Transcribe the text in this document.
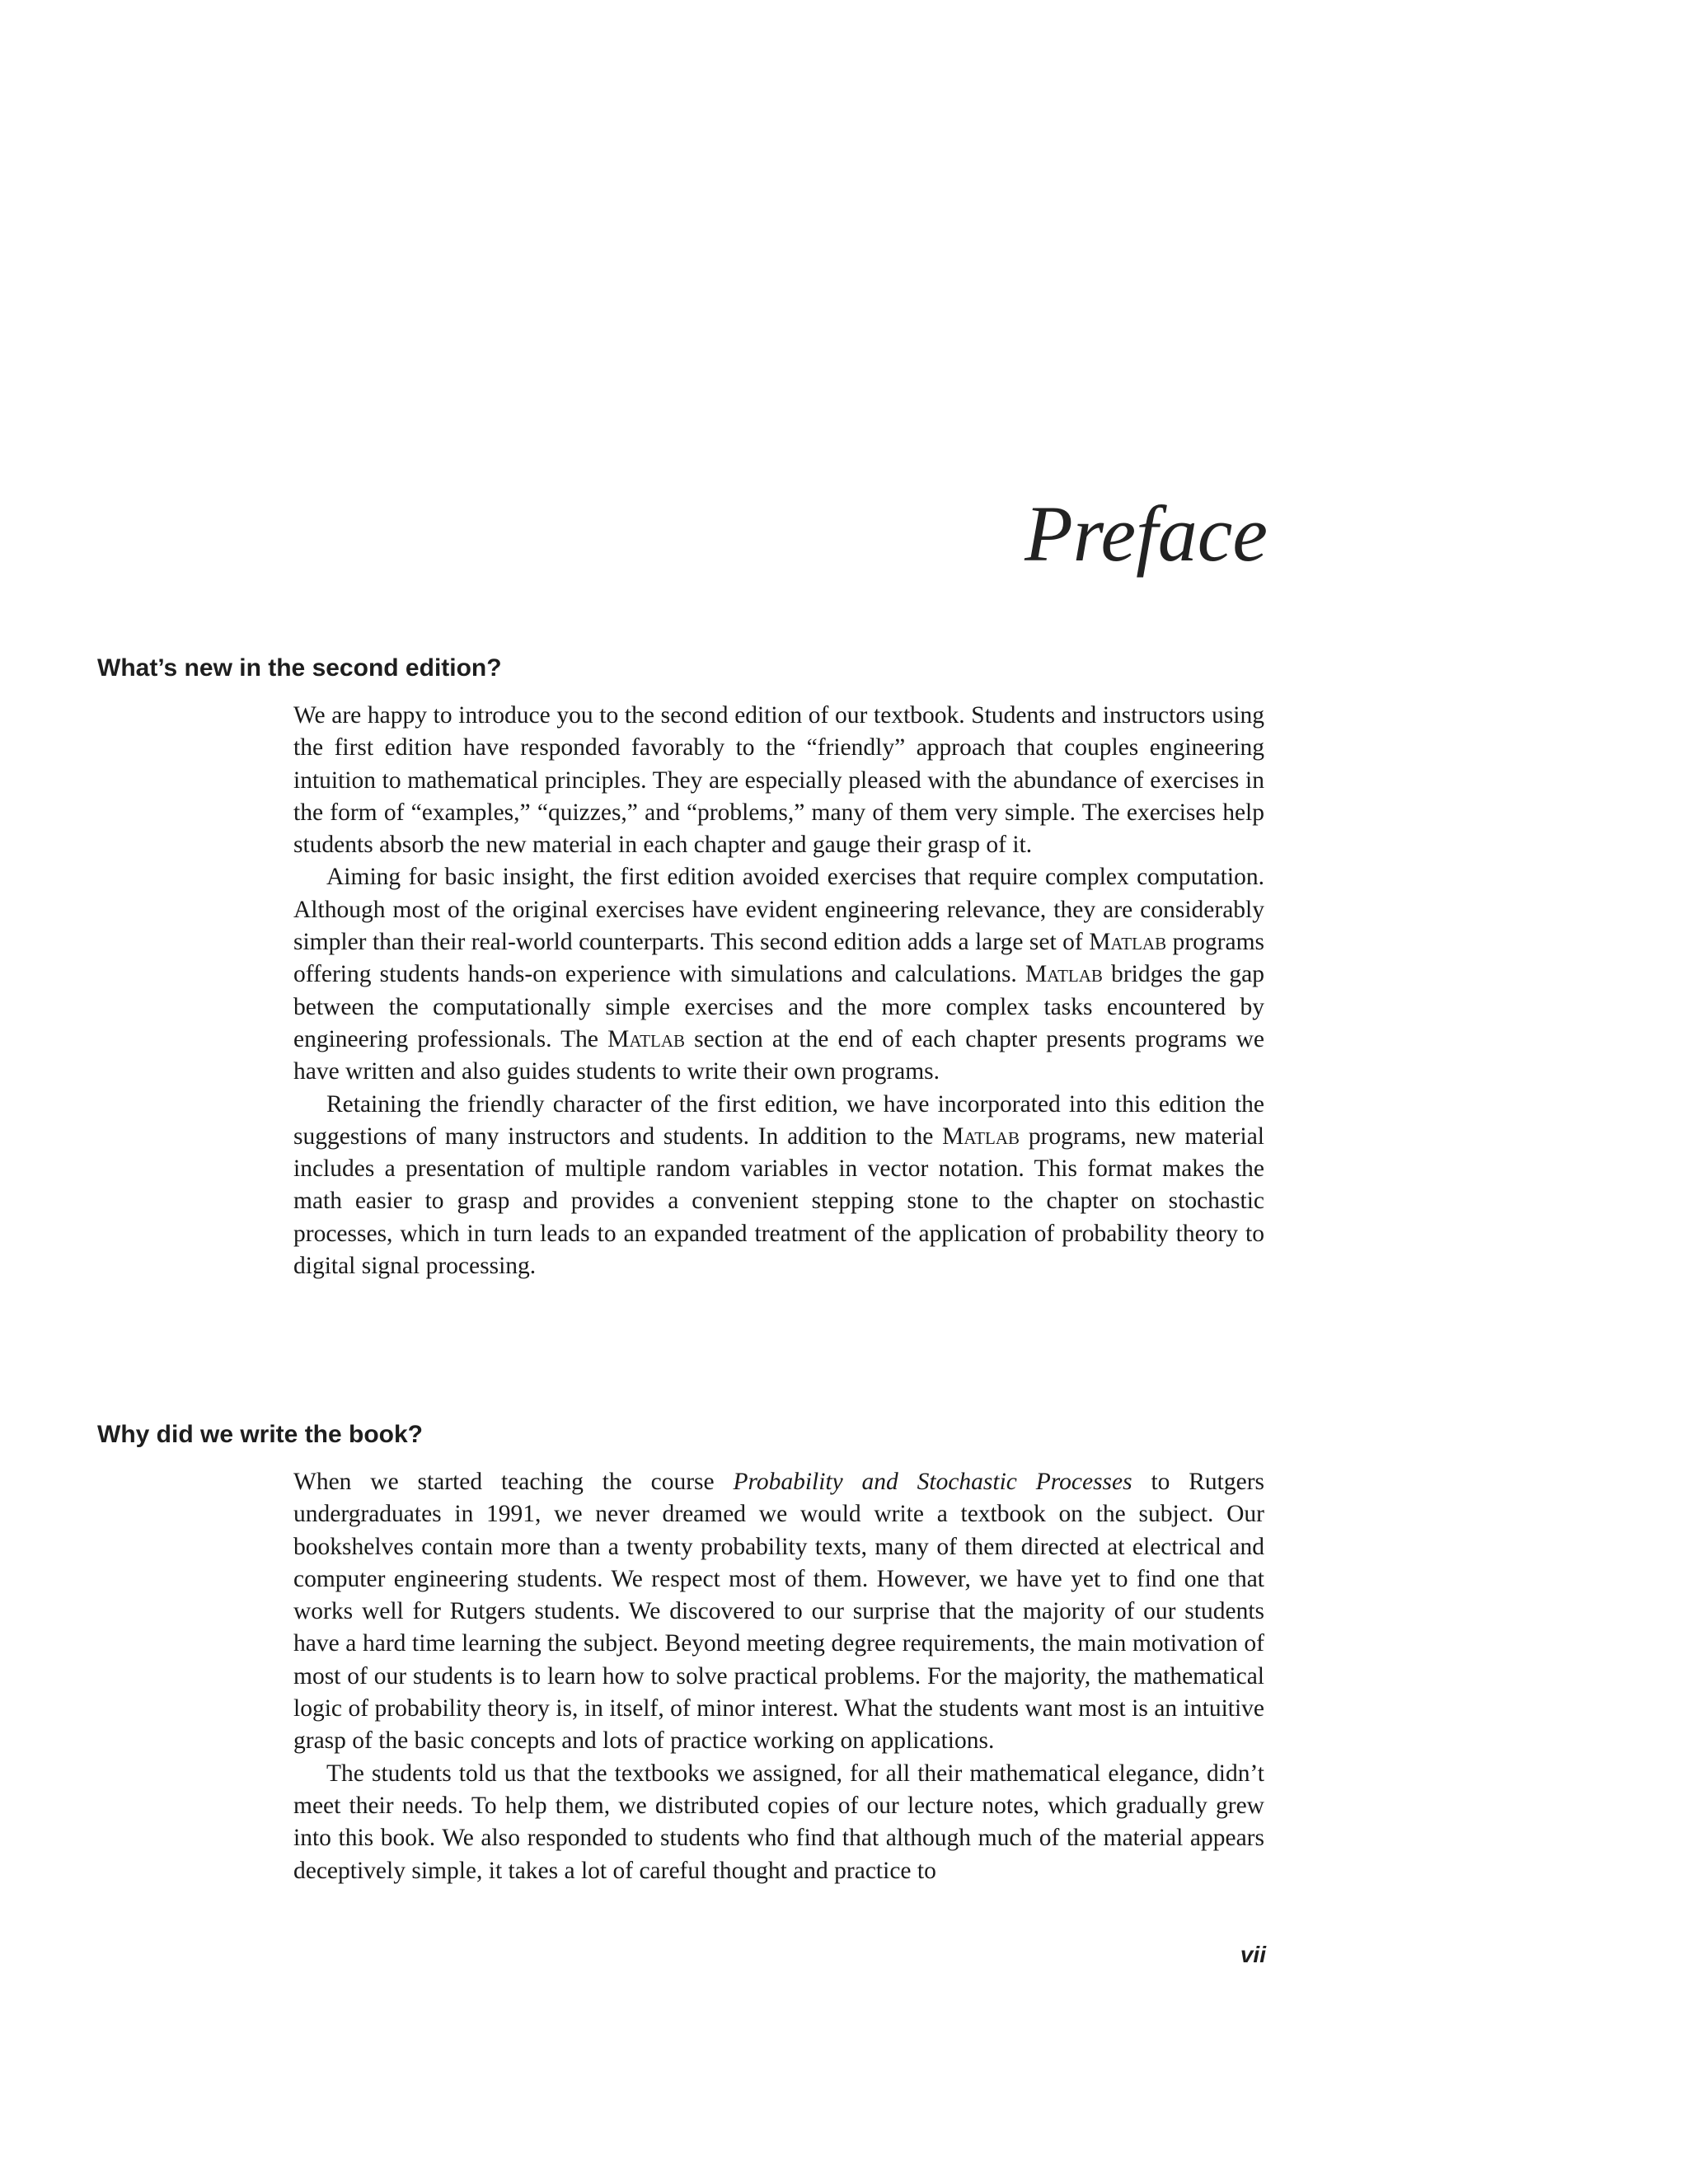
Preface
What’s new in the second edition?

We are happy to introduce you to the second edition of our textbook. Students and instructors using the first edition have responded favorably to the “friendly” approach that couples engineering intuition to mathematical principles. They are especially pleased with the abundance of exercises in the form of “examples,” “quizzes,” and “problems,” many of them very simple. The exercises help students absorb the new material in each chapter and gauge their grasp of it.

Aiming for basic insight, the first edition avoided exercises that require complex computation. Although most of the original exercises have evident engineering relevance, they are considerably simpler than their real-world counterparts. This second edition adds a large set of Matlab programs offering students hands-on experience with simulations and calculations. Matlab bridges the gap between the computationally simple exercises and the more complex tasks encountered by engineering professionals. The Matlab section at the end of each chapter presents programs we have written and also guides students to write their own programs.

Retaining the friendly character of the first edition, we have incorporated into this edition the suggestions of many instructors and students. In addition to the Matlab programs, new material includes a presentation of multiple random variables in vector notation. This format makes the math easier to grasp and provides a convenient stepping stone to the chapter on stochastic processes, which in turn leads to an expanded treatment of the application of probability theory to digital signal processing.

Why did we write the book?

When we started teaching the course Probability and Stochastic Processes to Rutgers undergraduates in 1991, we never dreamed we would write a textbook on the subject. Our bookshelves contain more than a twenty probability texts, many of them directed at electrical and computer engineering students. We respect most of them. However, we have yet to find one that works well for Rutgers students. We discovered to our surprise that the majority of our students have a hard time learning the subject. Beyond meeting degree requirements, the main motivation of most of our students is to learn how to solve practical problems. For the majority, the mathematical logic of probability theory is, in itself, of minor interest. What the students want most is an intuitive grasp of the basic concepts and lots of practice working on applications.

The students told us that the textbooks we assigned, for all their mathematical elegance, didn’t meet their needs. To help them, we distributed copies of our lecture notes, which gradually grew into this book. We also responded to students who find that although much of the material appears deceptively simple, it takes a lot of careful thought and practice to

vii
